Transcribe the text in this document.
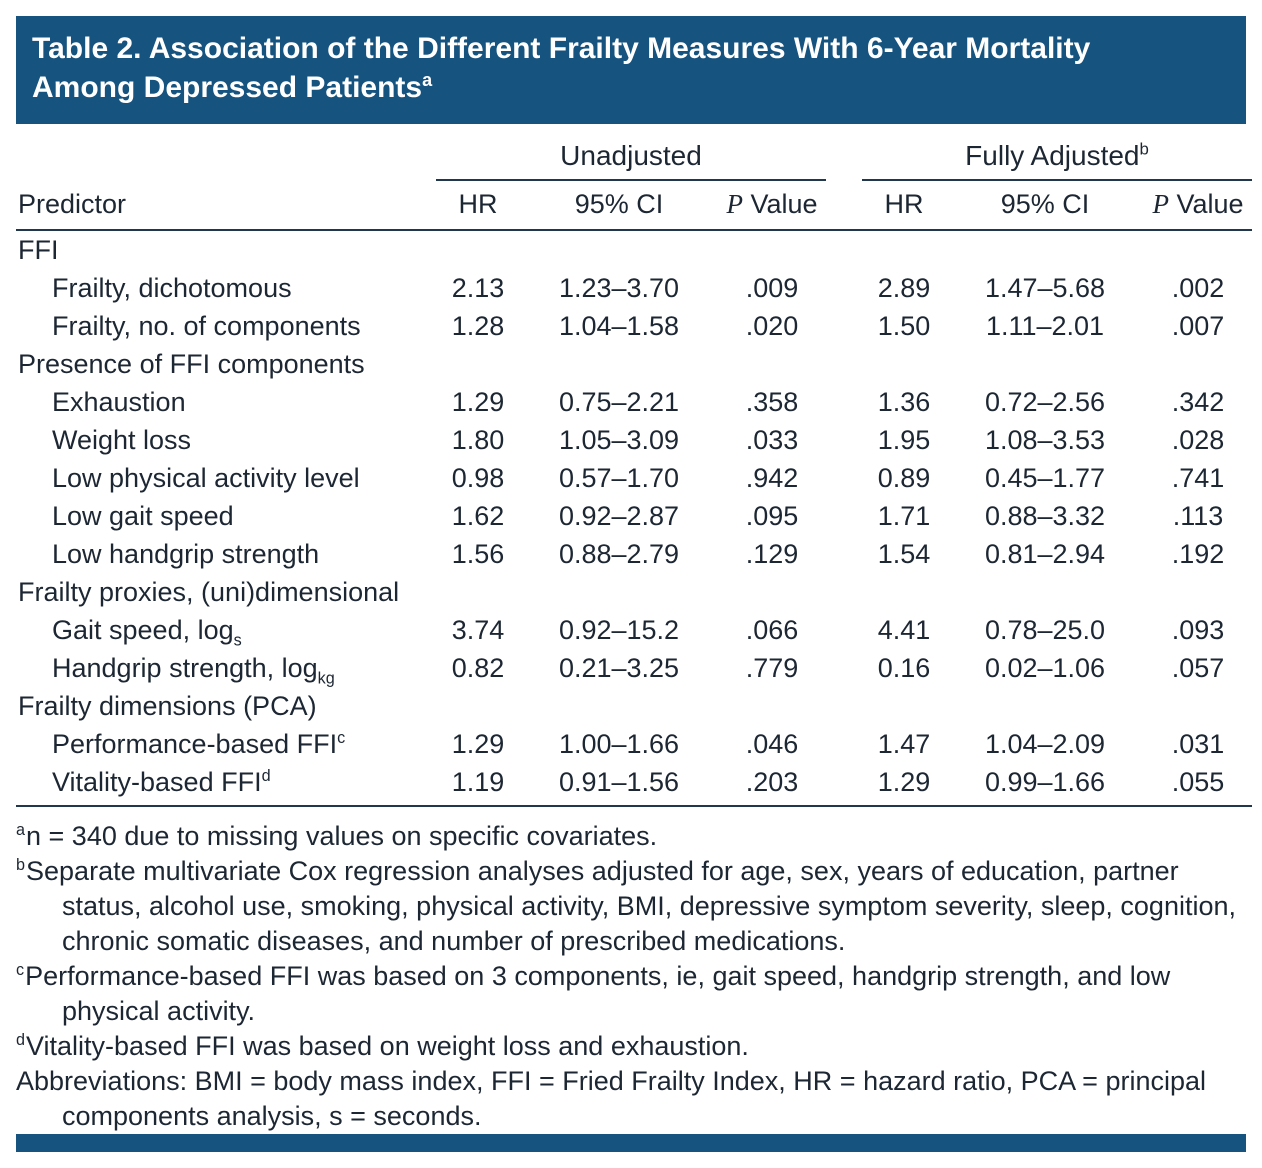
Table 2. Association of the Different Frailty Measures With 6-Year Mortality
Among Depressed Patients$^a$
	Unadjusted				Fully Adjusted$^b$
Predictor	HR	95% CI	P Value		HR	95% CI	P Value
FFI							
Frailty, dichotomous	2.13	1.23–3.70	.009		2.89	1.47–5.68	.002
Frailty, no. of components	1.28	1.04–1.58	.020		1.50	1.11–2.01	.007
Presence of FFI components							
Exhaustion	1.29	0.75–2.21	.358		1.36	0.72–2.56	.342
Weight loss	1.80	1.05–3.09	.033		1.95	1.08–3.53	.028
Low physical activity level	0.98	0.57–1.70	.942		0.89	0.45–1.77	.741
Low gait speed	1.62	0.92–2.87	.095		1.71	0.88–3.32	.113
Low handgrip strength	1.56	0.88–2.79	.129		1.54	0.81–2.94	.192
Frailty proxies, (uni)dimensional							
Gait speed, $\log_s$	3.74	0.92–15.2	.066		4.41	0.78–25.0	.093
Handgrip strength, $\log_{kg}$	0.82	0.21–3.25	.779		0.16	0.02–1.06	.057
Frailty dimensions (PCA)							
Performance-based FFI$^c$	1.29	1.00–1.66	.046		1.47	1.04–2.09	.031
Vitality-based FFI$^d$	1.19	0.91–1.56	.203		1.29	0.99–1.66	.055

$^a$n = 340 due to missing values on specific covariates.

$^b$Separate multivariate Cox regression analyses adjusted for age, sex, years of education, partner status, alcohol use, smoking, physical activity, BMI, depressive symptom severity, sleep, cognition, chronic somatic diseases, and number of prescribed medications.

$^c$Performance-based FFI was based on 3 components, ie, gait speed, handgrip strength, and low physical activity.

$^d$Vitality-based FFI was based on weight loss and exhaustion.

Abbreviations: BMI = body mass index, FFI = Fried Frailty Index, HR = hazard ratio, PCA = principal components analysis, s = seconds.
